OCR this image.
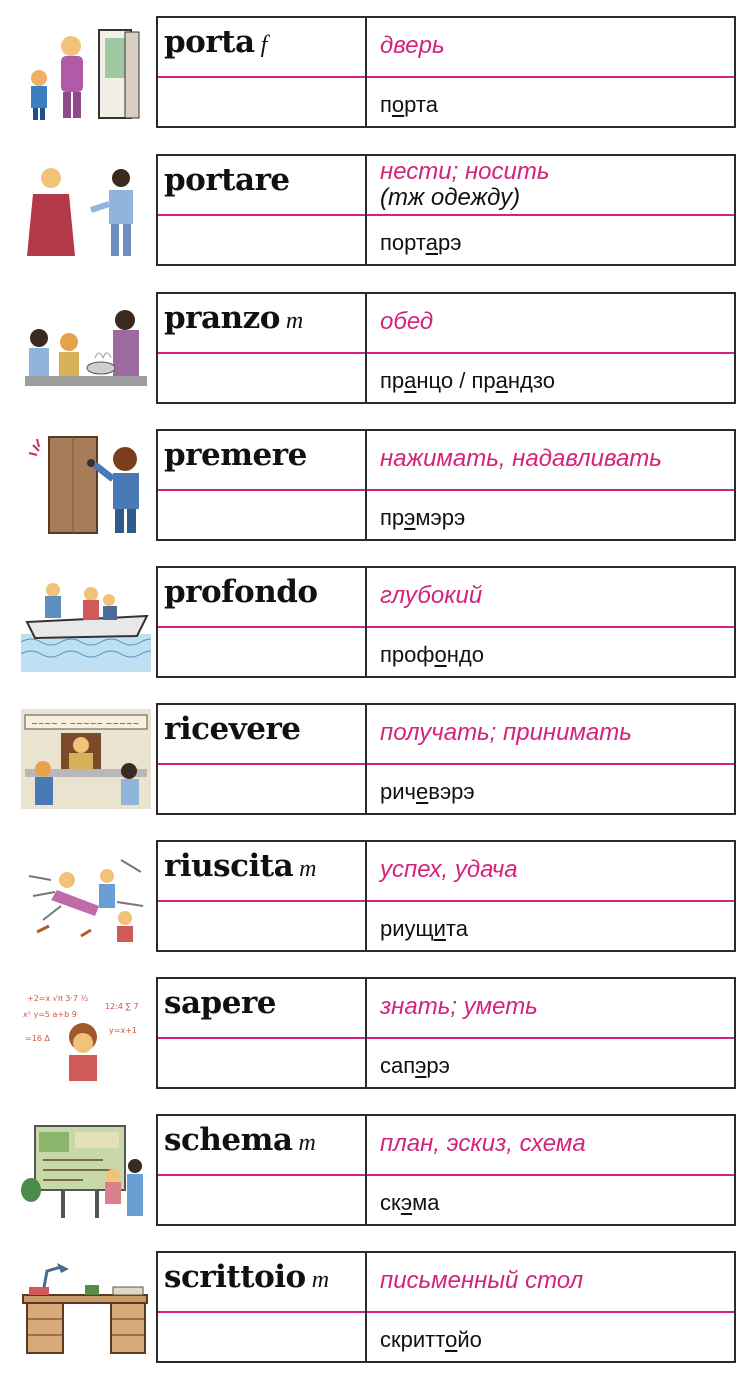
porta f	дверь
порта
portare	нести; носить
(тж одежду)
портарэ
pranzo m	обед
пранцо / прандзо
premere	нажимать, надавливать
прэмэрэ
profondo	глубокий
профондо
~~~~ ~ ~~~~~ ~~~~~ ricevere	получать; принимать
ричевэрэ
riuscita m	успех, удача
риущита
+2=x √π 3·7 ½
x² y=5 a+b 9
12:4 ∑ 7
y=x+1
=16 Δ
sapere	знать; уметь
сапэрэ
schema m	план, эскиз, схема
скэма
scrittoio m письменный стол
скриттойо
